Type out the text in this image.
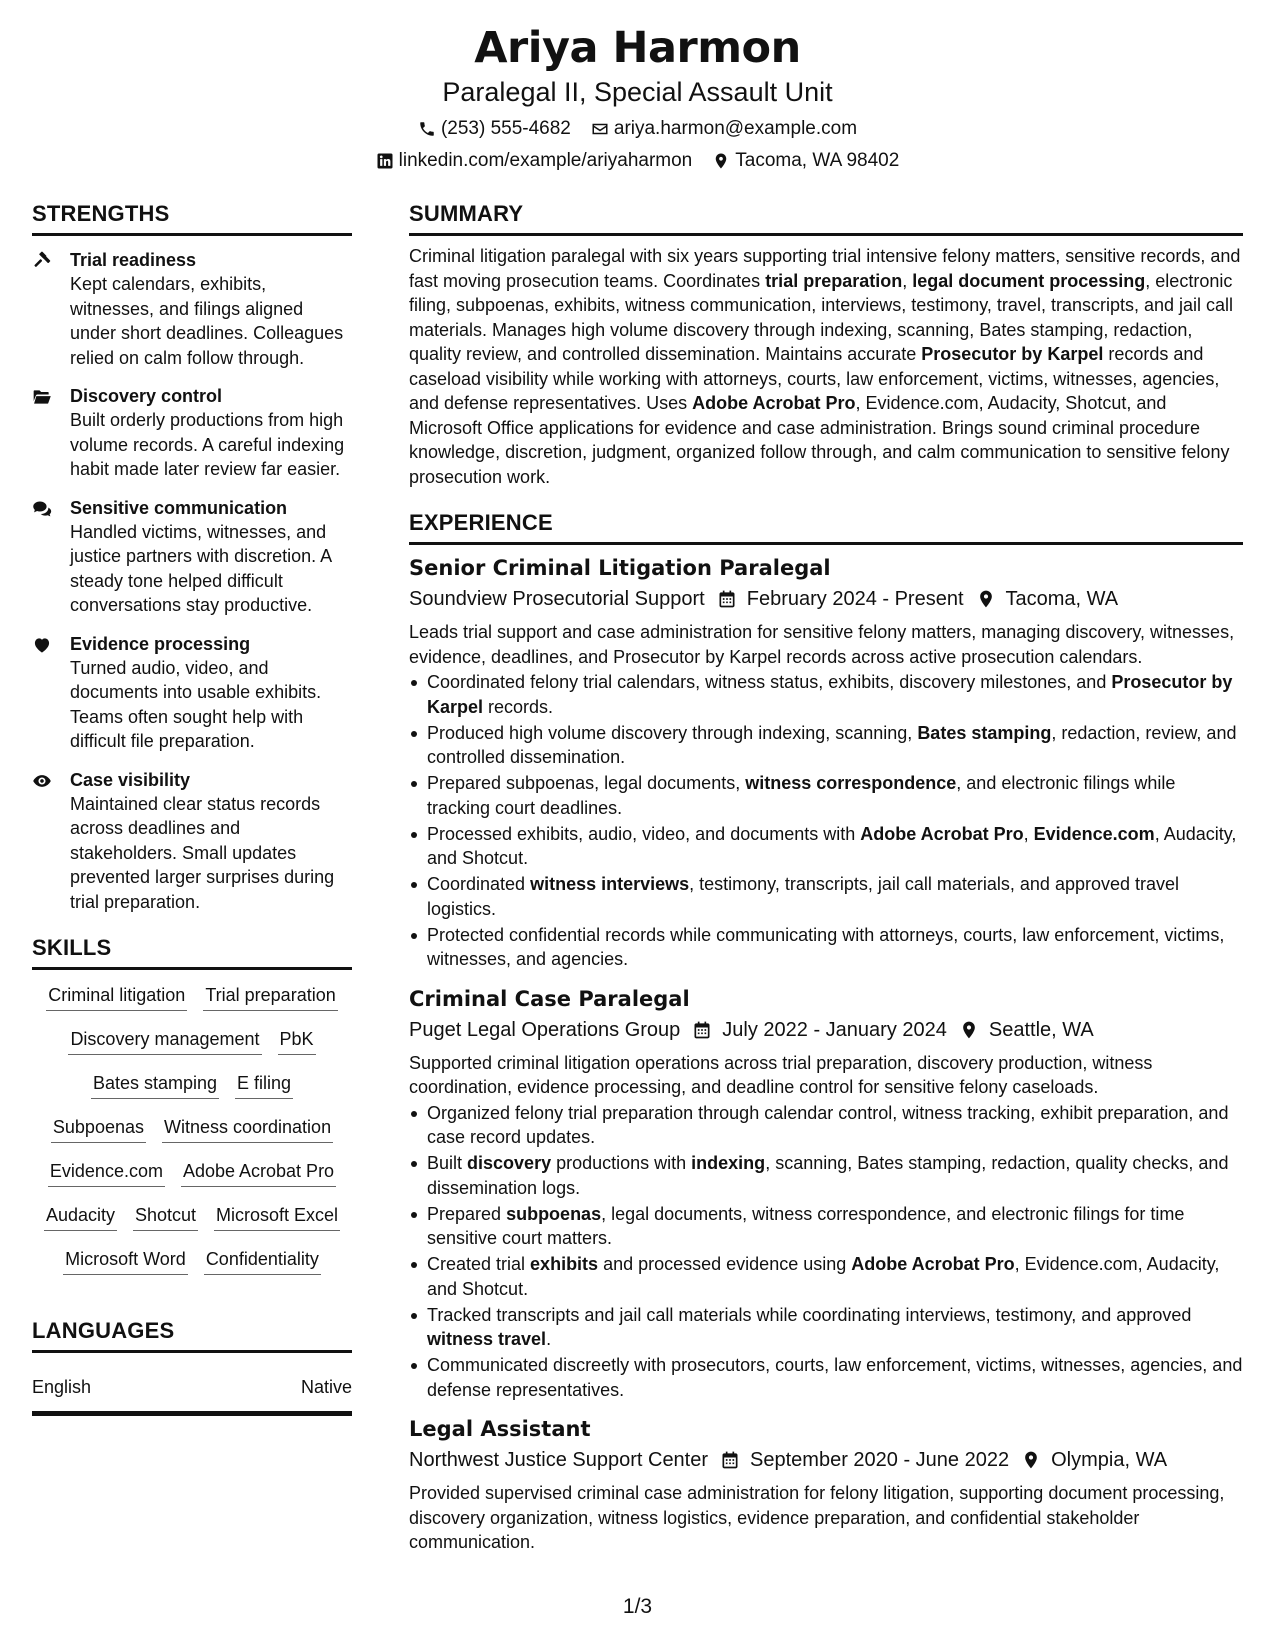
Ariya Harmon
Paralegal II, Special Assault Unit
(253) 555-4682 ariya.harmon@example.com
linkedin.com/example/ariyaharmon Tacoma, WA 98402
STRENGTHS
Trial readiness
Kept calendars, exhibits, witnesses, and filings aligned under short deadlines. Colleagues relied on calm follow through.
Discovery control
Built orderly productions from high volume records. A careful indexing habit made later review far easier.
Sensitive communication
Handled victims, witnesses, and justice partners with discretion. A steady tone helped difficult conversations stay productive.
Evidence processing
Turned audio, video, and documents into usable exhibits. Teams often sought help with difficult file preparation.
Case visibility
Maintained clear status records across deadlines and stakeholders. Small updates prevented larger surprises during trial preparation.
SKILLS
Criminal litigation Trial preparation
Discovery management PbK
Bates stamping E filing
Subpoenas Witness coordination
Evidence.com Adobe Acrobat Pro
Audacity Shotcut Microsoft Excel
Microsoft Word Confidentiality
LANGUAGES
English	Native
SUMMARY

Criminal litigation paralegal with six years supporting trial intensive felony matters, sensitive records, and fast moving prosecution teams. Coordinates trial preparation, legal document processing, electronic filing, subpoenas, exhibits, witness communication, interviews, testimony, travel, transcripts, and jail call materials. Manages high volume discovery through indexing, scanning, Bates stamping, redaction, quality review, and controlled dissemination. Maintains accurate Prosecutor by Karpel records and caseload visibility while working with attorneys, courts, law enforcement, victims, witnesses, agencies, and defense representatives. Uses Adobe Acrobat Pro, Evidence.com, Audacity, Shotcut, and Microsoft Office applications for evidence and case administration. Brings sound criminal procedure knowledge, discretion, judgment, organized follow through, and calm communication to sensitive felony prosecution work.

EXPERIENCE
Senior Criminal Litigation Paralegal
Soundview Prosecutorial Support February 2024 - Present Tacoma, WA
Leads trial support and case administration for sensitive felony matters, managing discovery, witnesses, evidence, deadlines, and Prosecutor by Karpel records across active prosecution calendars.
Coordinated felony trial calendars, witness status, exhibits, discovery milestones, and Prosecutor by Karpel records.
Produced high volume discovery through indexing, scanning, Bates stamping, redaction, review, and controlled dissemination.
Prepared subpoenas, legal documents, witness correspondence, and electronic filings while tracking court deadlines.
Processed exhibits, audio, video, and documents with Adobe Acrobat Pro, Evidence.com, Audacity, and Shotcut.
Coordinated witness interviews, testimony, transcripts, jail call materials, and approved travel logistics.
Protected confidential records while communicating with attorneys, courts, law enforcement, victims, witnesses, and agencies.
Criminal Case Paralegal
Puget Legal Operations Group July 2022 - January 2024 Seattle, WA
Supported criminal litigation operations across trial preparation, discovery production, witness coordination, evidence processing, and deadline control for sensitive felony caseloads.
Organized felony trial preparation through calendar control, witness tracking, exhibit preparation, and case record updates.
Built discovery productions with indexing, scanning, Bates stamping, redaction, quality checks, and dissemination logs.
Prepared subpoenas, legal documents, witness correspondence, and electronic filings for time sensitive court matters.
Created trial exhibits and processed evidence using Adobe Acrobat Pro, Evidence.com, Audacity, and Shotcut.
Tracked transcripts and jail call materials while coordinating interviews, testimony, and approved witness travel.
Communicated discreetly with prosecutors, courts, law enforcement, victims, witnesses, agencies, and defense representatives.
Legal Assistant
Northwest Justice Support Center September 2020 - June 2022 Olympia, WA
Provided supervised criminal case administration for felony litigation, supporting document processing, discovery organization, witness logistics, evidence preparation, and confidential stakeholder communication.
1/3
